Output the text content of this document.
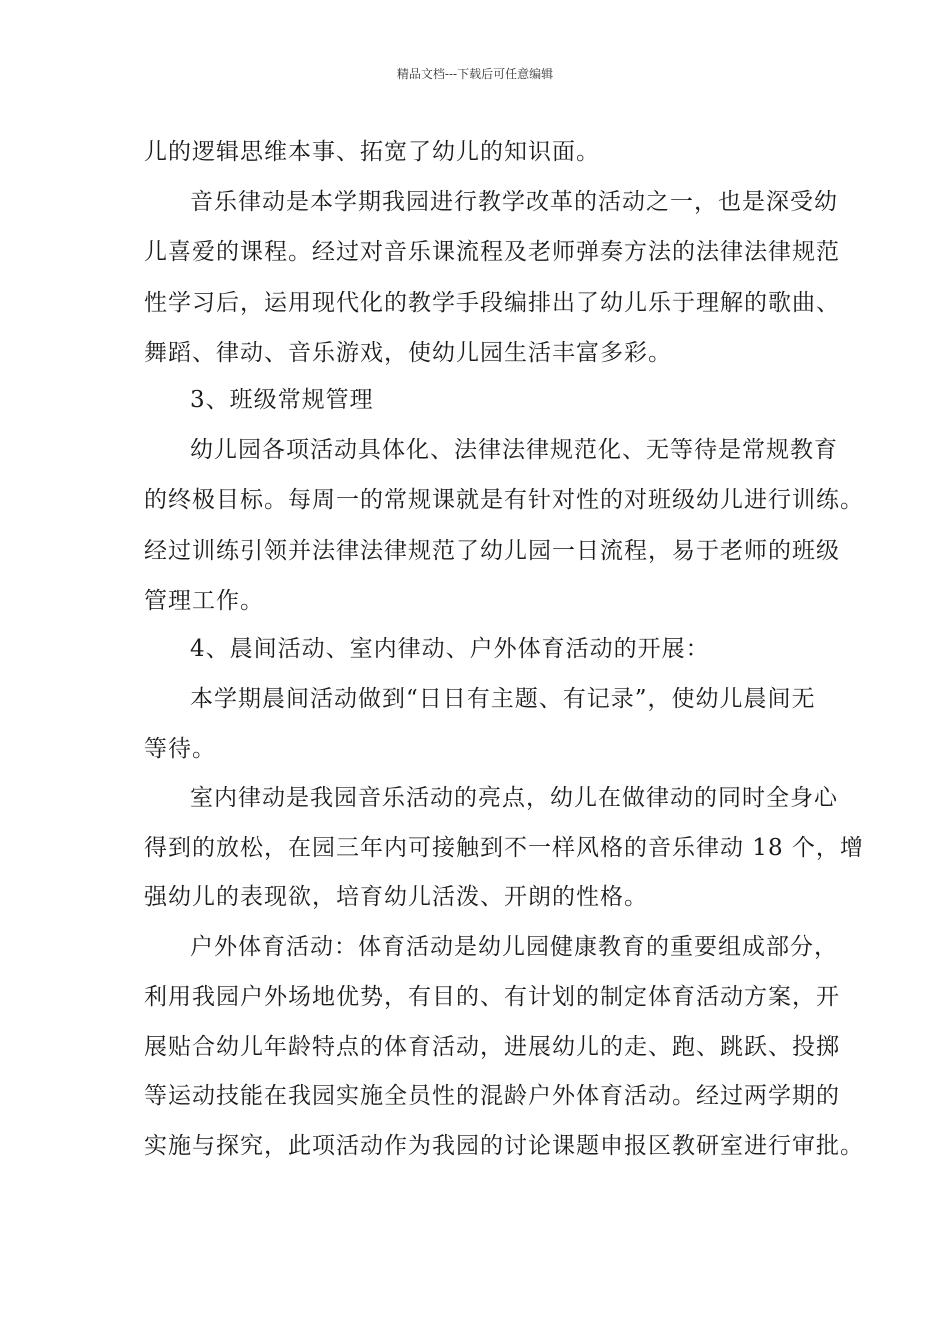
精品文档---下载后可任意编辑
儿的逻辑思维本事、拓宽了幼儿的知识面。
音乐律动是本学期我园进行教学改革的活动之一，也是深受幼
儿喜爱的课程。经过对音乐课流程及老师弹奏方法的法律法律规范
性学习后，运用现代化的教学手段编排出了幼儿乐于理解的歌曲、
舞蹈、律动、音乐游戏，使幼儿园生活丰富多彩。
3、班级常规管理
幼儿园各项活动具体化、法律法律规范化、无等待是常规教育
的终极目标。每周一的常规课就是有针对性的对班级幼儿进行训练。
经过训练引领并法律法律规范了幼儿园一日流程，易于老师的班级
管理工作。
4、晨间活动、室内律动、户外体育活动的开展：
本学期晨间活动做到“日日有主题、有记录”，使幼儿晨间无
等待。
室内律动是我园音乐活动的亮点，幼儿在做律动的同时全身心
得到的放松，在园三年内可接触到不一样风格的音乐律动 18 个，增
强幼儿的表现欲，培育幼儿活泼、开朗的性格。
户外体育活动：体育活动是幼儿园健康教育的重要组成部分，
利用我园户外场地优势，有目的、有计划的制定体育活动方案，开
展贴合幼儿年龄特点的体育活动，进展幼儿的走、跑、跳跃、投掷
等运动技能在我园实施全员性的混龄户外体育活动。经过两学期的
实施与探究，此项活动作为我园的讨论课题申报区教研室进行审批。
